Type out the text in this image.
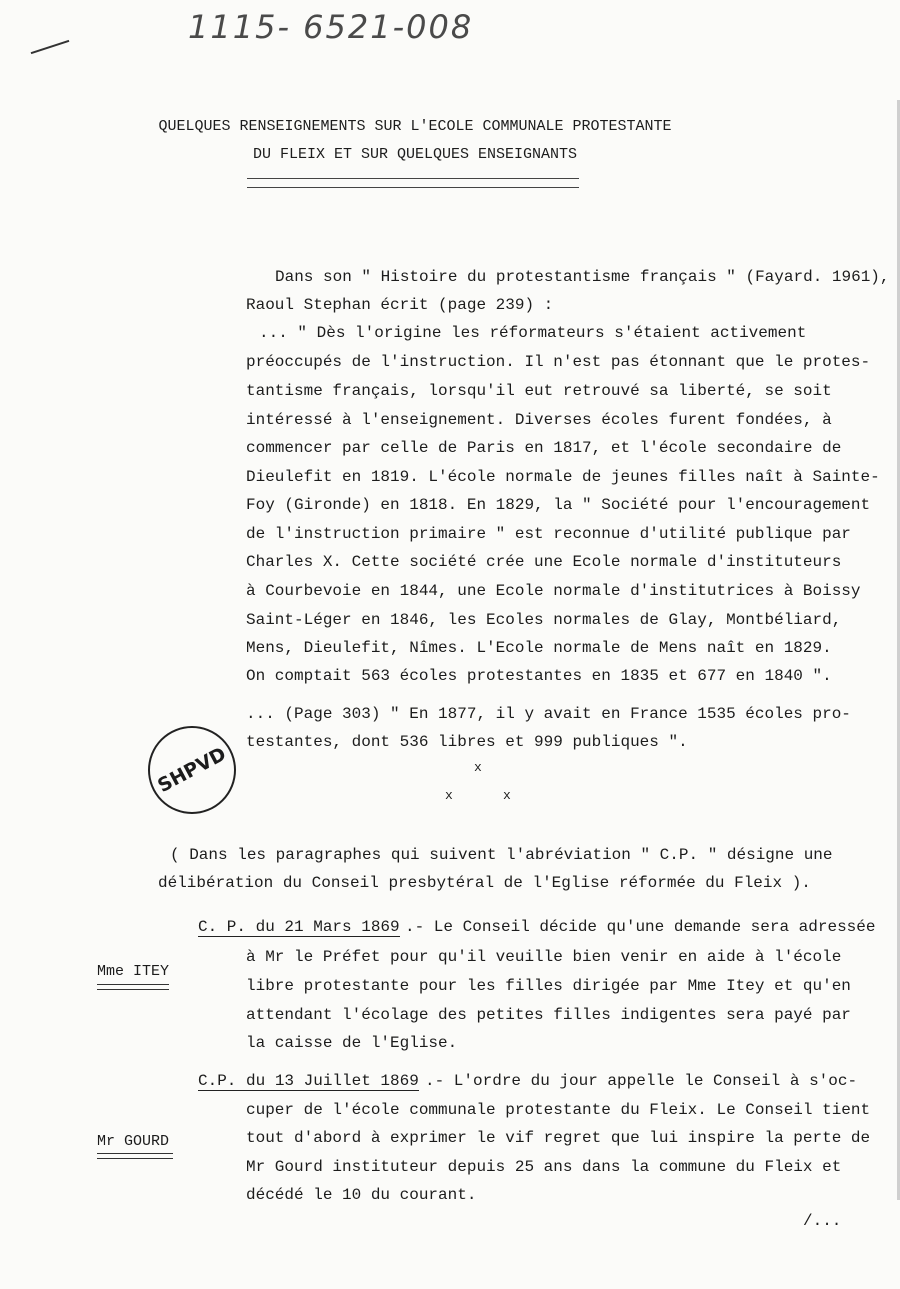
1115- 6521-008
QUELQUES RENSEIGNEMENTS SUR L'ECOLE COMMUNALE PROTESTANTE
DU FLEIX ET SUR QUELQUES ENSEIGNANTS
Dans son " Histoire du protestantisme français " (Fayard. 1961),
Raoul Stephan écrit (page 239) :
... " Dès l'origine les réformateurs s'étaient activement
préoccupés de l'instruction. Il n'est pas étonnant que le protes-
tantisme français, lorsqu'il eut retrouvé sa liberté, se soit
intéressé à l'enseignement. Diverses écoles furent fondées, à
commencer par celle de Paris en 1817, et l'école secondaire de
Dieulefit en 1819. L'école normale de jeunes filles naît à Sainte-
Foy (Gironde) en 1818. En 1829, la " Société pour l'encouragement
de l'instruction primaire " est reconnue d'utilité publique par
Charles X. Cette société crée une Ecole normale d'instituteurs
à Courbevoie en 1844, une Ecole normale d'institutrices à Boissy
Saint-Léger en 1846, les Ecoles normales de Glay, Montbéliard,
Mens, Dieulefit, Nîmes. L'Ecole normale de Mens naît en 1829.
On comptait 563 écoles protestantes en 1835 et 677 en 1840 ".
... (Page 303) " En 1877, il y avait en France 1535 écoles pro-
testantes, dont 536 libres et 999 publiques ".
SHPVD	x
x	x
( Dans les paragraphes qui suivent l'abréviation " C.P. " désigne une
délibération du Conseil presbytéral de l'Eglise réformée du Fleix ).
Mme ITEY
C. P. du 21 Mars 1869 .- Le Conseil décide qu'une demande sera adressée
à Mr le Préfet pour qu'il veuille bien venir en aide à l'école
libre protestante pour les filles dirigée par Mme Itey et qu'en
attendant l'écolage des petites filles indigentes sera payé par
la caisse de l'Eglise.
Mr GOURD
C.P. du 13 Juillet 1869 .- L'ordre du jour appelle le Conseil à s'oc-
cuper de l'école communale protestante du Fleix. Le Conseil tient
tout d'abord à exprimer le vif regret que lui inspire la perte de
Mr Gourd instituteur depuis 25 ans dans la commune du Fleix et
décédé le 10 du courant.
/...
